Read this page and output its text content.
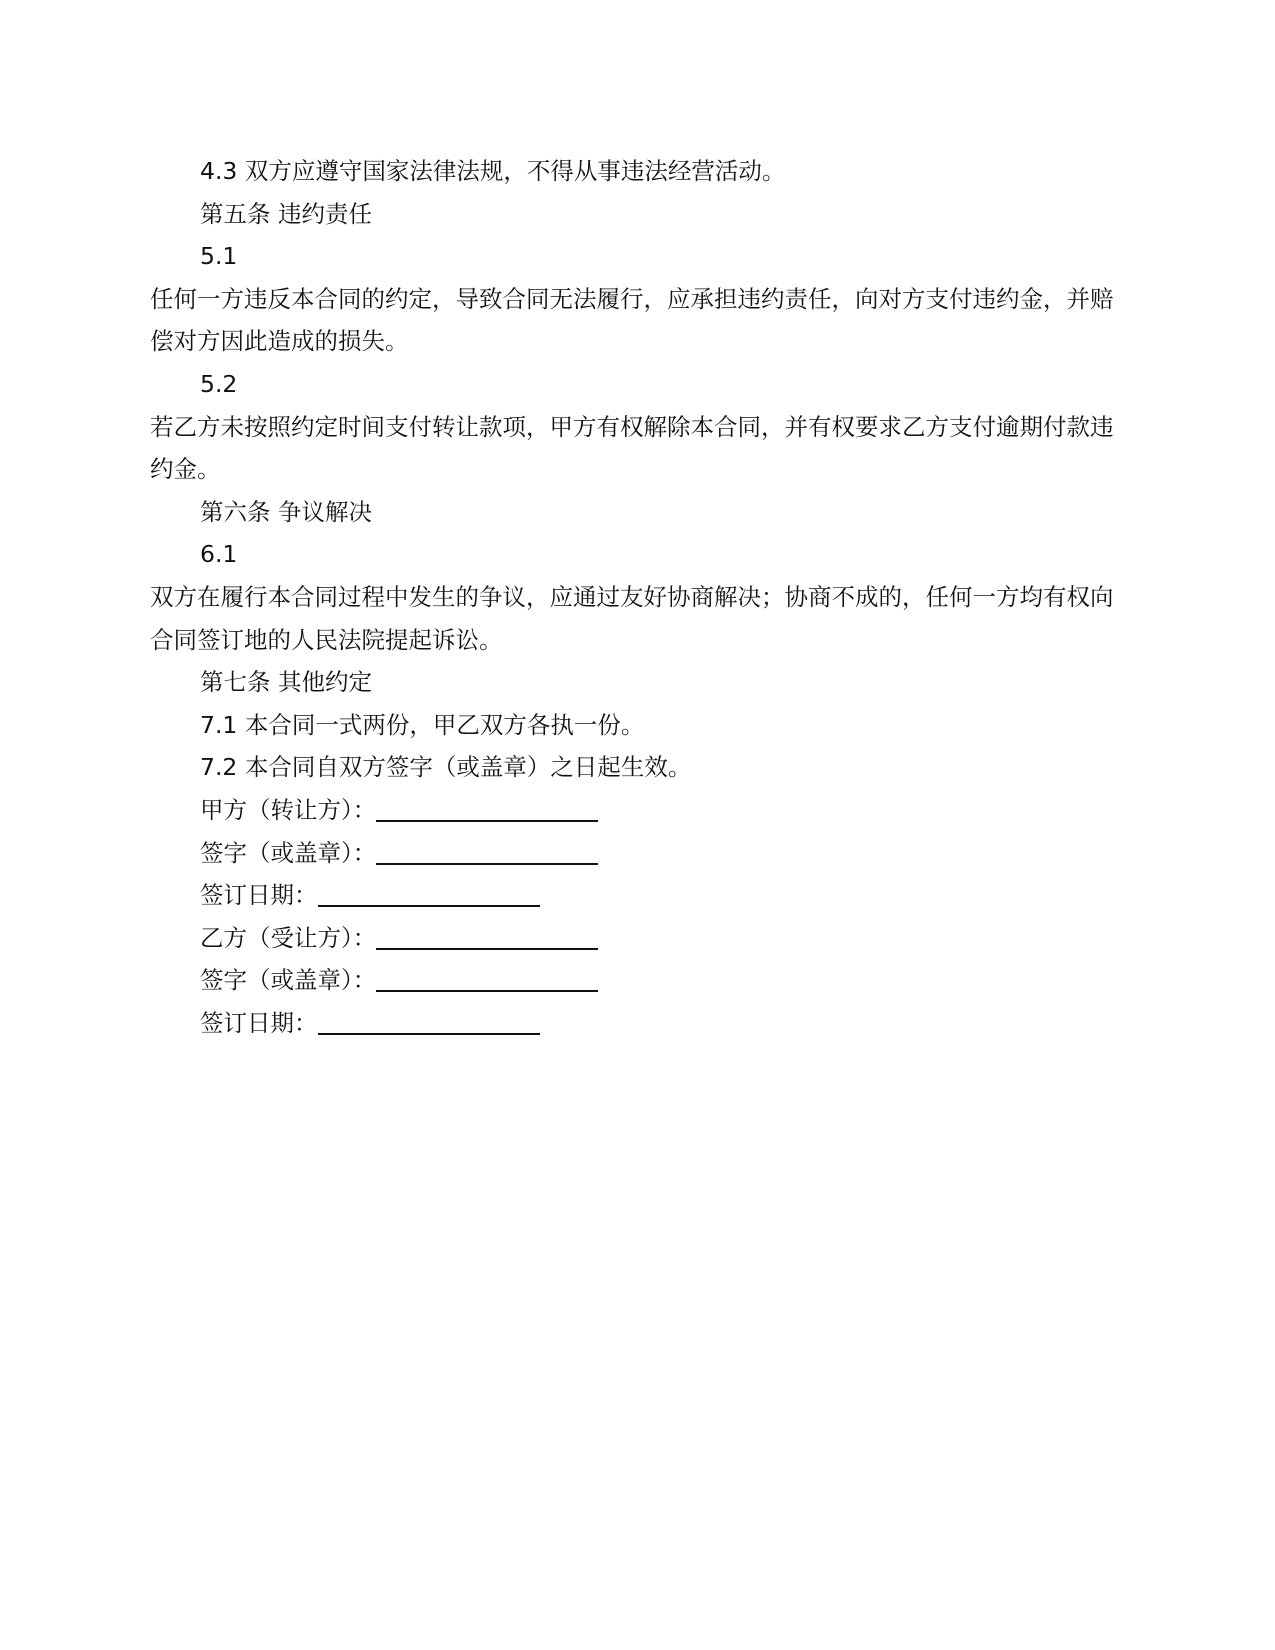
4.3 双方应遵守国家法律法规，不得从事违法经营活动。

第五条 违约责任

5.1

任何一方违反本合同的约定，导致合同无法履行，应承担违约责任，向对方支付违约金，并赔偿对方因此造成的损失。

5.2

若乙方未按照约定时间支付转让款项，甲方有权解除本合同，并有权要求乙方支付逾期付款违约金。

第六条 争议解决

6.1

双方在履行本合同过程中发生的争议，应通过友好协商解决；协商不成的，任何一方均有权向合同签订地的人民法院提起诉讼。

第七条 其他约定

7.1 本合同一式两份，甲乙双方各执一份。

7.2 本合同自双方签字（或盖章）之日起生效。

甲方（转让方）：
签字（或盖章）：
签订日期：
乙方（受让方）：
签字（或盖章）：
签订日期：
